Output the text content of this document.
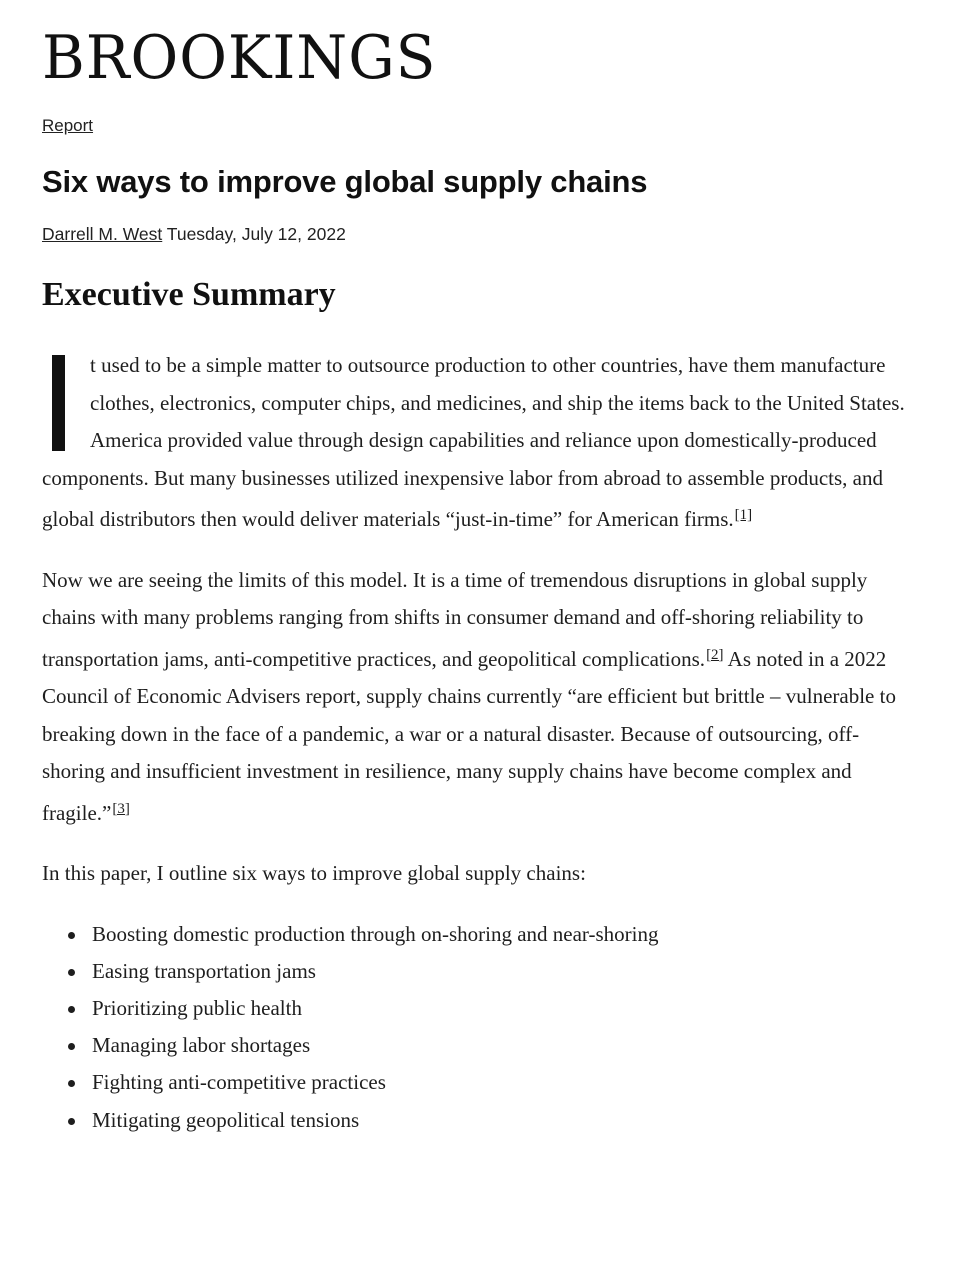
BROOKINGS
Report
Six ways to improve global supply chains
Darrell M. West Tuesday, July 12, 2022
Executive Summary

t used to be a simple matter to outsource production to other countries, have them manufacture clothes, electronics, computer chips, and medicines, and ship the items back to the United States. America provided value through design capabilities and reliance upon domestically-produced components. But many businesses utilized inexpensive labor from abroad to assemble products, and global distributors then would deliver materials “just-in-time” for American firms.[1]

Now we are seeing the limits of this model. It is a time of tremendous disruptions in global supply chains with many problems ranging from shifts in consumer demand and off-shoring reliability to transportation jams, anti-competitive practices, and geopolitical complications.[2] As noted in a 2022 Council of Economic Advisers report, supply chains currently “are efficient but brittle – vulnerable to breaking down in the face of a pandemic, a war or a natural disaster. Because of outsourcing, off-shoring and insufficient investment in resilience, many supply chains have become complex and fragile.”[3]

In this paper, I outline six ways to improve global supply chains:

Boosting domestic production through on-shoring and near-shoring
Easing transportation jams
Prioritizing public health
Managing labor shortages
Fighting anti-competitive practices
Mitigating geopolitical tensions
